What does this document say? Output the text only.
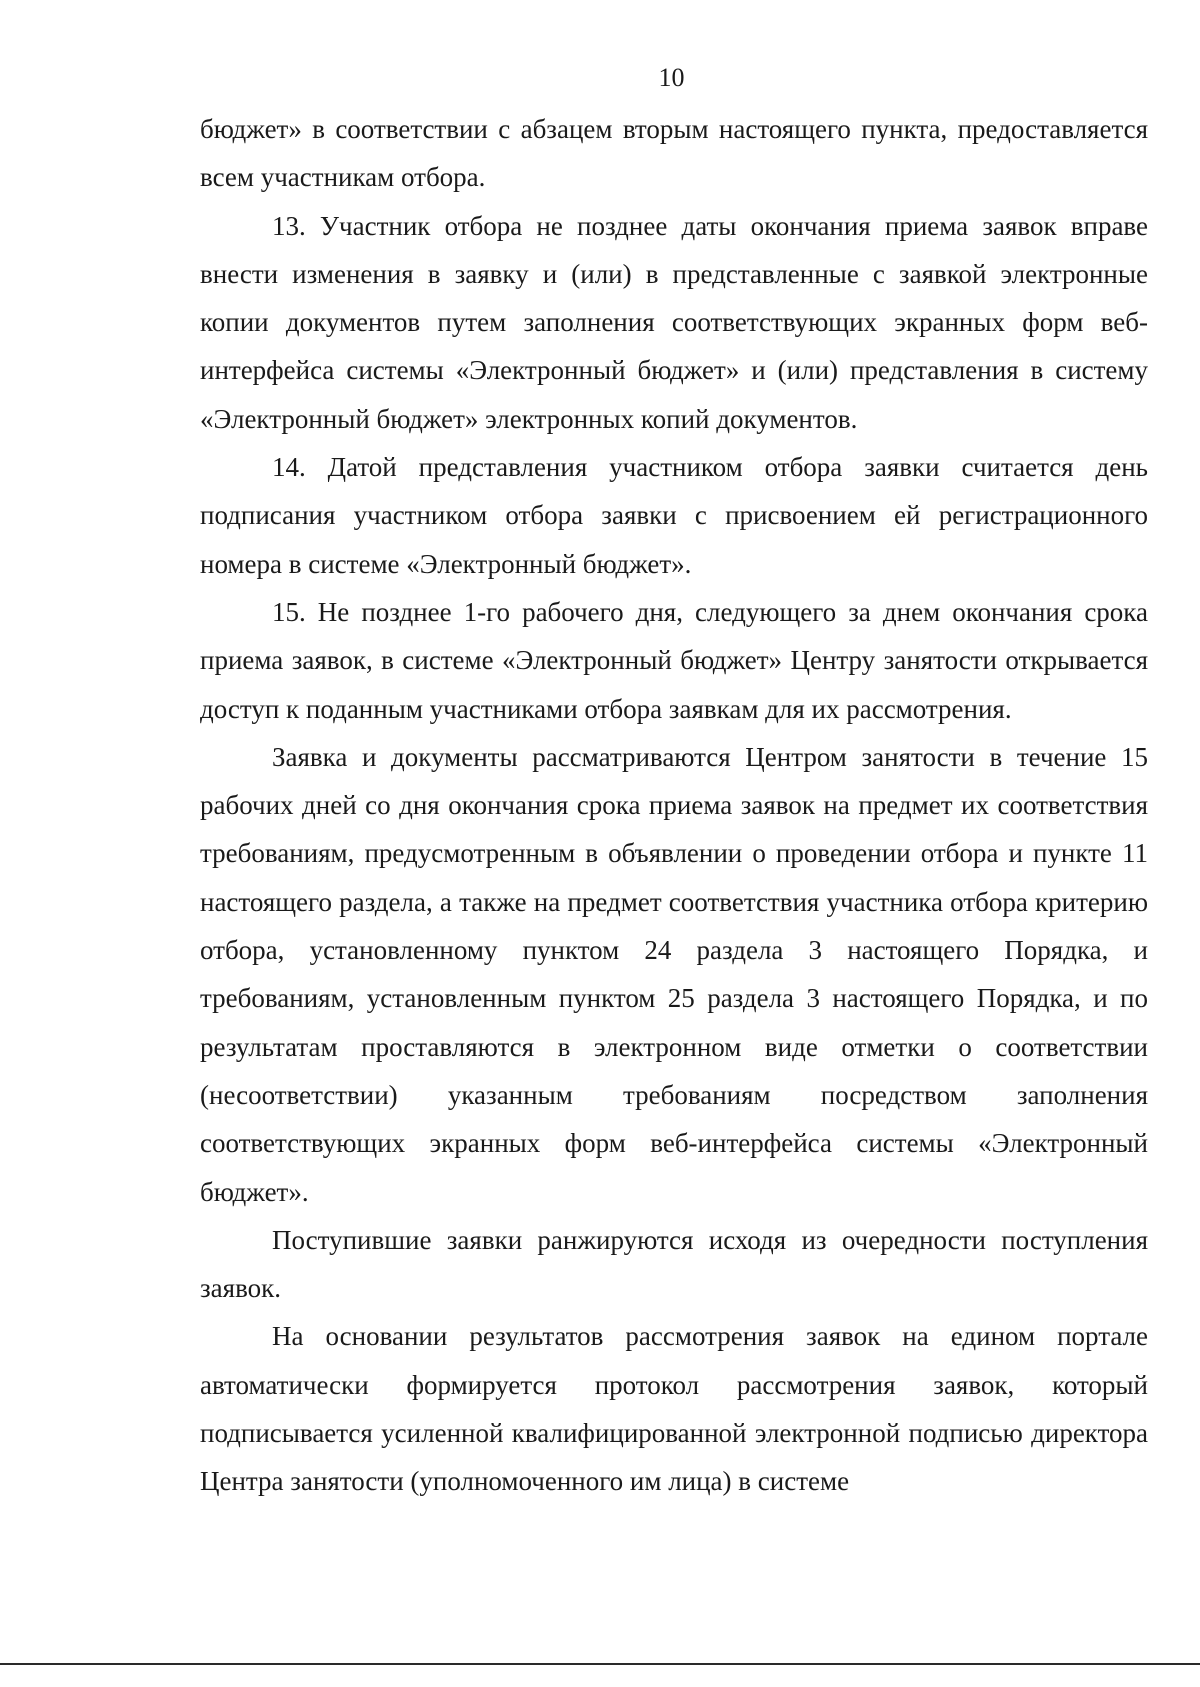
10

бюджет» в соответствии с абзацем вторым настоящего пункта, предоставляется всем участникам отбора.

13. Участник отбора не позднее даты окончания приема заявок вправе внести изменения в заявку и (или) в представленные с заявкой электронные копии документов путем заполнения соответствующих экранных форм веб-интерфейса системы «Электронный бюджет» и (или) представления в систему «Электронный бюджет» электронных копий документов.

14. Датой представления участником отбора заявки считается день подписания участником отбора заявки с присвоением ей регистрационного номера в системе «Электронный бюджет».

15. Не позднее 1-го рабочего дня, следующего за днем окончания срока приема заявок, в системе «Электронный бюджет» Центру занятости открывается доступ к поданным участниками отбора заявкам для их рассмотрения.

Заявка и документы рассматриваются Центром занятости в течение 15 рабочих дней со дня окончания срока приема заявок на предмет их соответствия требованиям, предусмотренным в объявлении о проведении отбора и пункте 11 настоящего раздела, а также на предмет соответствия участника отбора критерию отбора, установленному пунктом 24 раздела 3 настоящего Порядка, и требованиям, установленным пунктом 25 раздела 3 настоящего Порядка, и по результатам проставляются в электронном виде отметки о соответствии (несоответствии) указанным требованиям посредством заполнения соответствующих экранных форм веб-интерфейса системы «Электронный бюджет».

Поступившие заявки ранжируются исходя из очередности поступления заявок.

На основании результатов рассмотрения заявок на едином портале автоматически формируется протокол рассмотрения заявок, который подписывается усиленной квалифицированной электронной подписью директора Центра занятости (уполномоченного им лица) в системе
